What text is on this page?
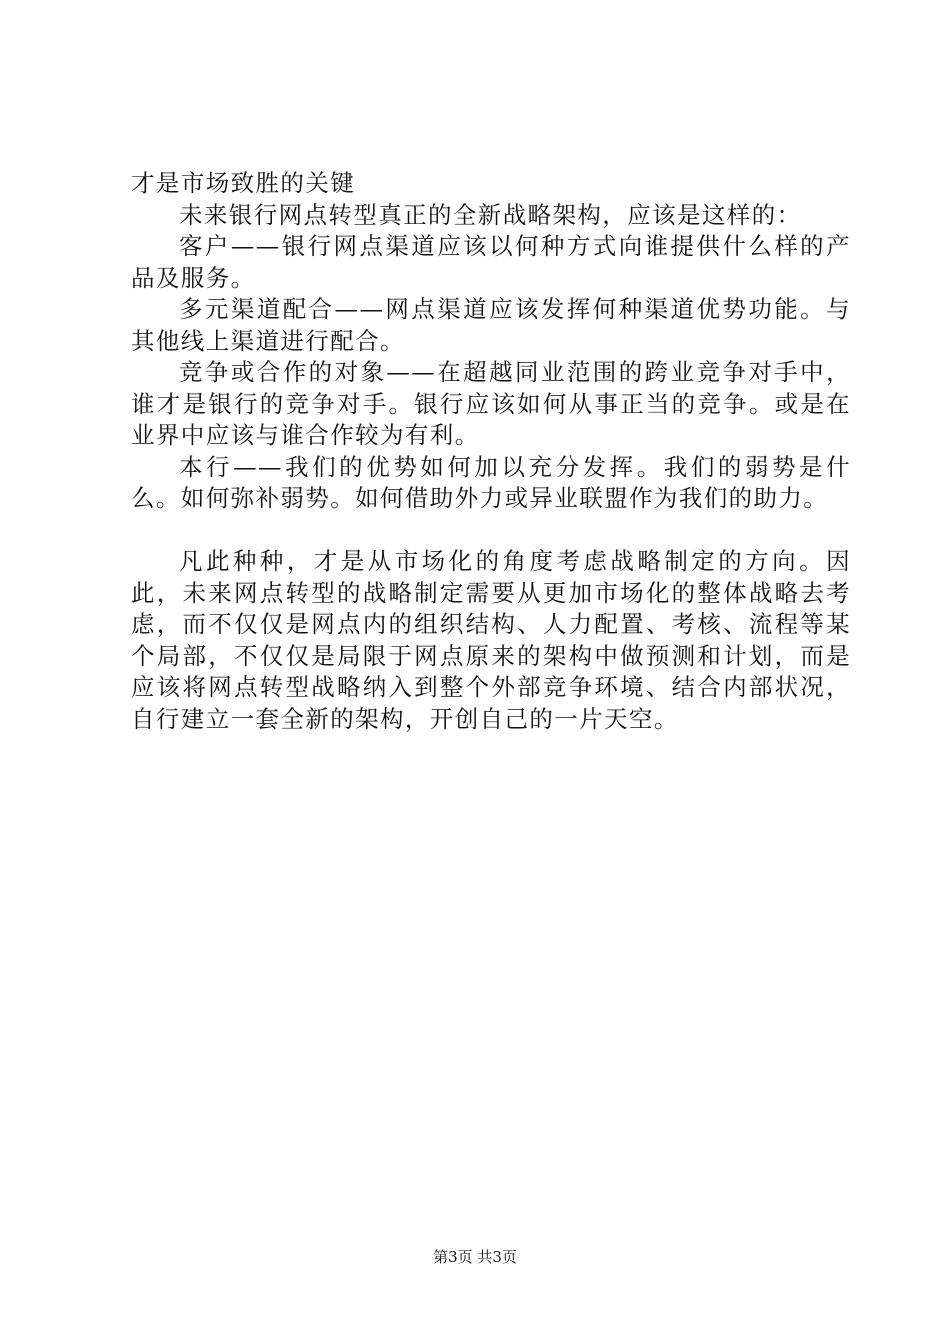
才是市场致胜的关键

未来银行网点转型真正的全新战略架构，应该是这样的：

客户——银行网点渠道应该以何种方式向谁提供什么样的产品及服务。

多元渠道配合——网点渠道应该发挥何种渠道优势功能。与其他线上渠道进行配合。

竞争或合作的对象——在超越同业范围的跨业竞争对手中，谁才是银行的竞争对手。银行应该如何从事正当的竞争。或是在业界中应该与谁合作较为有利。

本行——我们的优势如何加以充分发挥。我们的弱势是什么。如何弥补弱势。如何借助外力或异业联盟作为我们的助力。

凡此种种，才是从市场化的角度考虑战略制定的方向。因此，未来网点转型的战略制定需要从更加市场化的整体战略去考虑，而不仅仅是网点内的组织结构、人力配置、考核、流程等某个局部，不仅仅是局限于网点原来的架构中做预测和计划，而是应该将网点转型战略纳入到整个外部竞争环境、结合内部状况，自行建立一套全新的架构，开创自己的一片天空。

第3页 共3页
